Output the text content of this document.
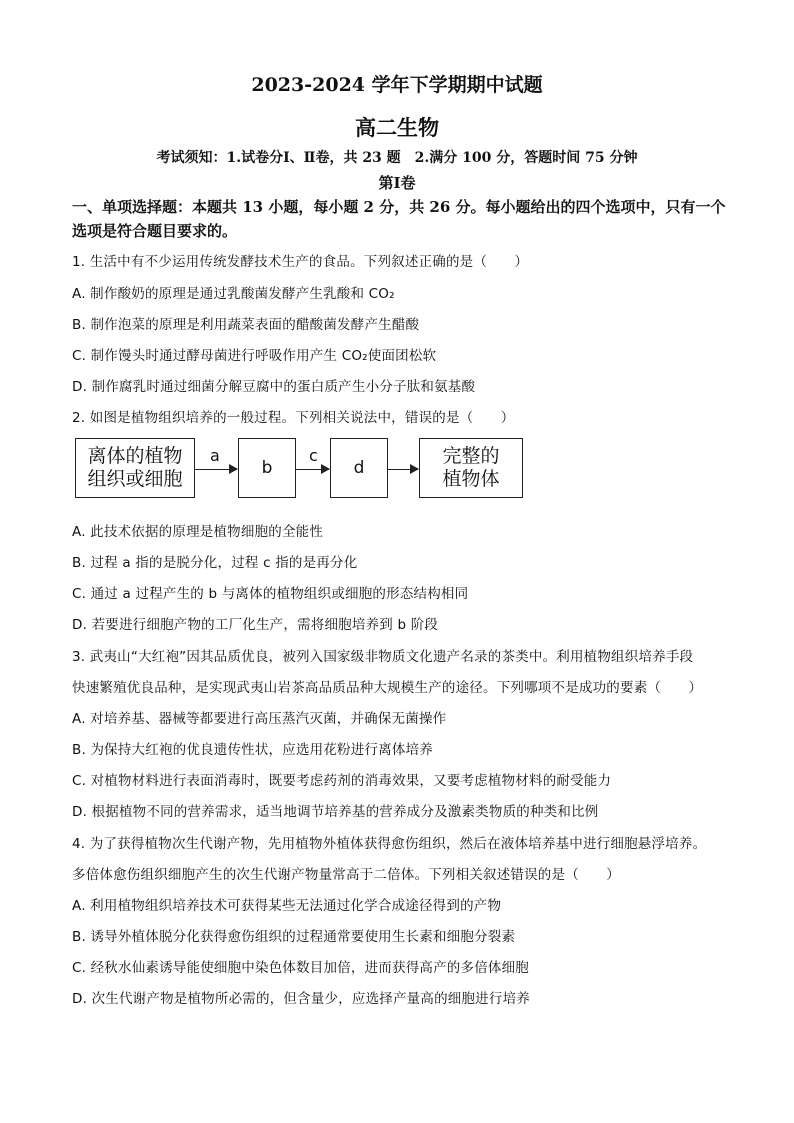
2023-2024 学年下学期期中试题
高二生物
考试须知：1.试卷分Ⅰ、Ⅱ卷，共 23 题　2.满分 100 分，答题时间 75 分钟
第Ⅰ卷
一、单项选择题：本题共 13 小题，每小题 2 分，共 26 分。每小题给出的四个选项中，只有一个选项是符合题目要求的。
1. 生活中有不少运用传统发酵技术生产的食品。下列叙述正确的是（　　）
A. 制作酸奶的原理是通过乳酸菌发酵产生乳酸和 CO₂
B. 制作泡菜的原理是利用蔬菜表面的醋酸菌发酵产生醋酸
C. 制作馒头时通过酵母菌进行呼吸作用产生 CO₂使面团松软
D. 制作腐乳时通过细菌分解豆腐中的蛋白质产生小分子肽和氨基酸
2. 如图是植物组织培养的一般过程。下列相关说法中，错误的是（　　）
离体的植物
组织或细胞
a
b
c
d
完整的
植物体
A. 此技术依据的原理是植物细胞的全能性
B. 过程 a 指的是脱分化，过程 c 指的是再分化
C. 通过 a 过程产生的 b 与离体的植物组织或细胞的形态结构相同
D. 若要进行细胞产物的工厂化生产，需将细胞培养到 b 阶段
3. 武夷山“大红袍”因其品质优良，被列入国家级非物质文化遗产名录的茶类中。利用植物组织培养手段
快速繁殖优良品种，是实现武夷山岩茶高品质品种大规模生产的途径。下列哪项不是成功的要素（　　）
A. 对培养基、器械等都要进行高压蒸汽灭菌，并确保无菌操作
B. 为保持大红袍的优良遗传性状，应选用花粉进行离体培养
C. 对植物材料进行表面消毒时，既要考虑药剂的消毒效果，又要考虑植物材料的耐受能力
D. 根据植物不同的营养需求，适当地调节培养基的营养成分及激素类物质的种类和比例
4. 为了获得植物次生代谢产物，先用植物外植体获得愈伤组织，然后在液体培养基中进行细胞悬浮培养。
多倍体愈伤组织细胞产生的次生代谢产物量常高于二倍体。下列相关叙述错误的是（　　）
A. 利用植物组织培养技术可获得某些无法通过化学合成途径得到的产物
B. 诱导外植体脱分化获得愈伤组织的过程通常要使用生长素和细胞分裂素
C. 经秋水仙素诱导能使细胞中染色体数目加倍，进而获得高产的多倍体细胞
D. 次生代谢产物是植物所必需的，但含量少，应选择产量高的细胞进行培养
